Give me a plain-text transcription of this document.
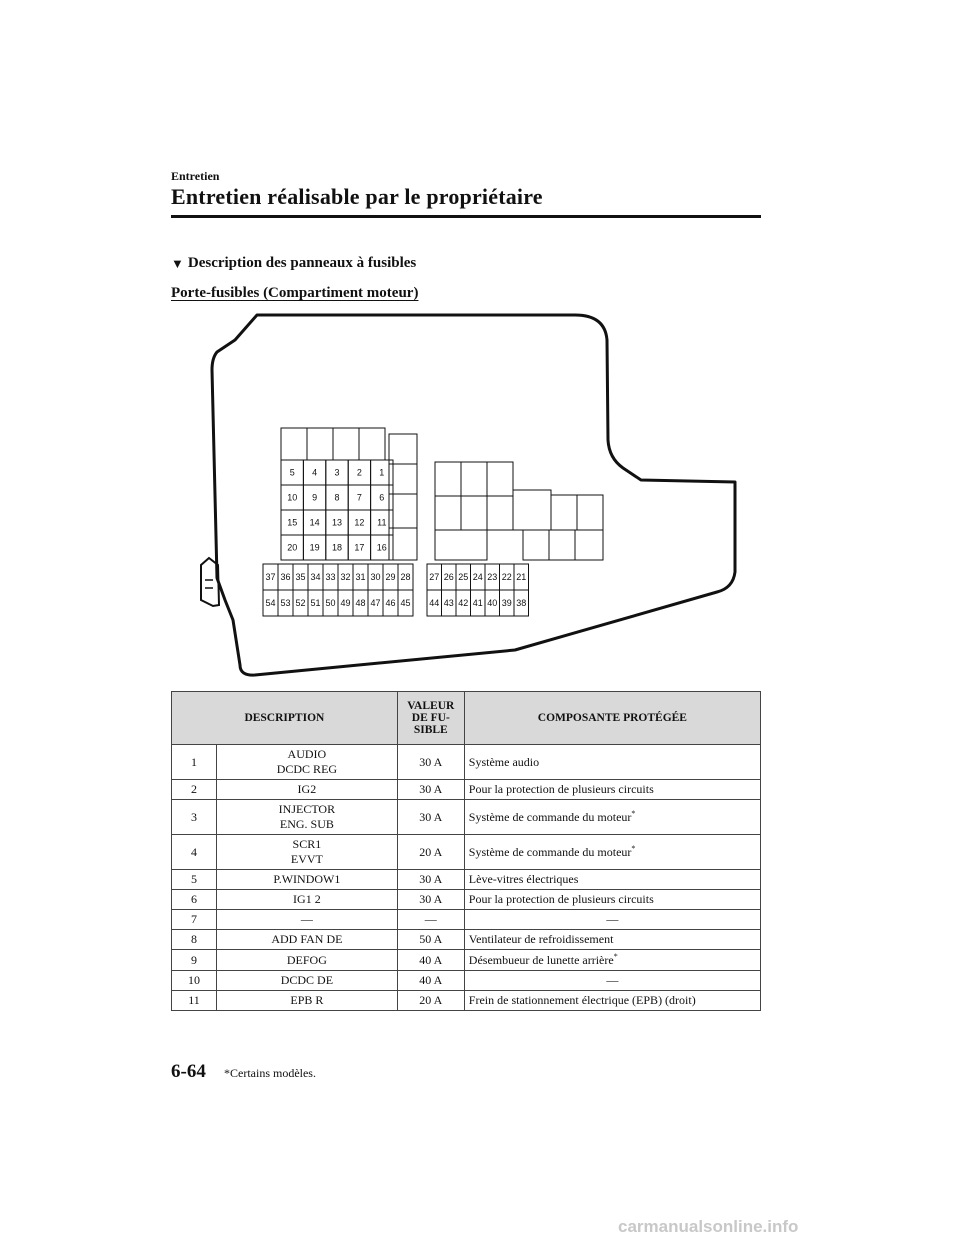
Entretien
Entretien réalisable par le propriétaire
▼ Description des panneaux à fusibles
Porte-fusibles (Compartiment moteur)
5 4 3 2 1
10 9 8 7 6
15 14 13 12 11
20 19 18 17 16
37 36 35 34 33 32 31 30 29 28
54 53 52 51 50 49 48 47 46 45
27 26 25 24 23 22 21
44 43 42 41 40 39 38
DESCRIPTION		VALEUR
DE FU-
SIBLE	COMPOSANTE PROTÉGÉE
1	AUDIO
DCDC REG	30 A	Système audio
2	IG2	30 A	Pour la protection de plusieurs circuits
3	INJECTOR
ENG. SUB	30 A	Système de commande du moteur*
4	SCR1
EVVT	20 A	Système de commande du moteur*
5	P.WINDOW1	30 A	Lève-vitres électriques
6	IG1 2	30 A	Pour la protection de plusieurs circuits
7	—	—	—
8	ADD FAN DE	50 A	Ventilateur de refroidissement
9	DEFOG	40 A	Désembueur de lunette arrière*
10	DCDC DE	40 A	—
11	EPB R	20 A	Frein de stationnement électrique (EPB) (droit)
6-64 *Certains modèles.
carmanualsonline.info
